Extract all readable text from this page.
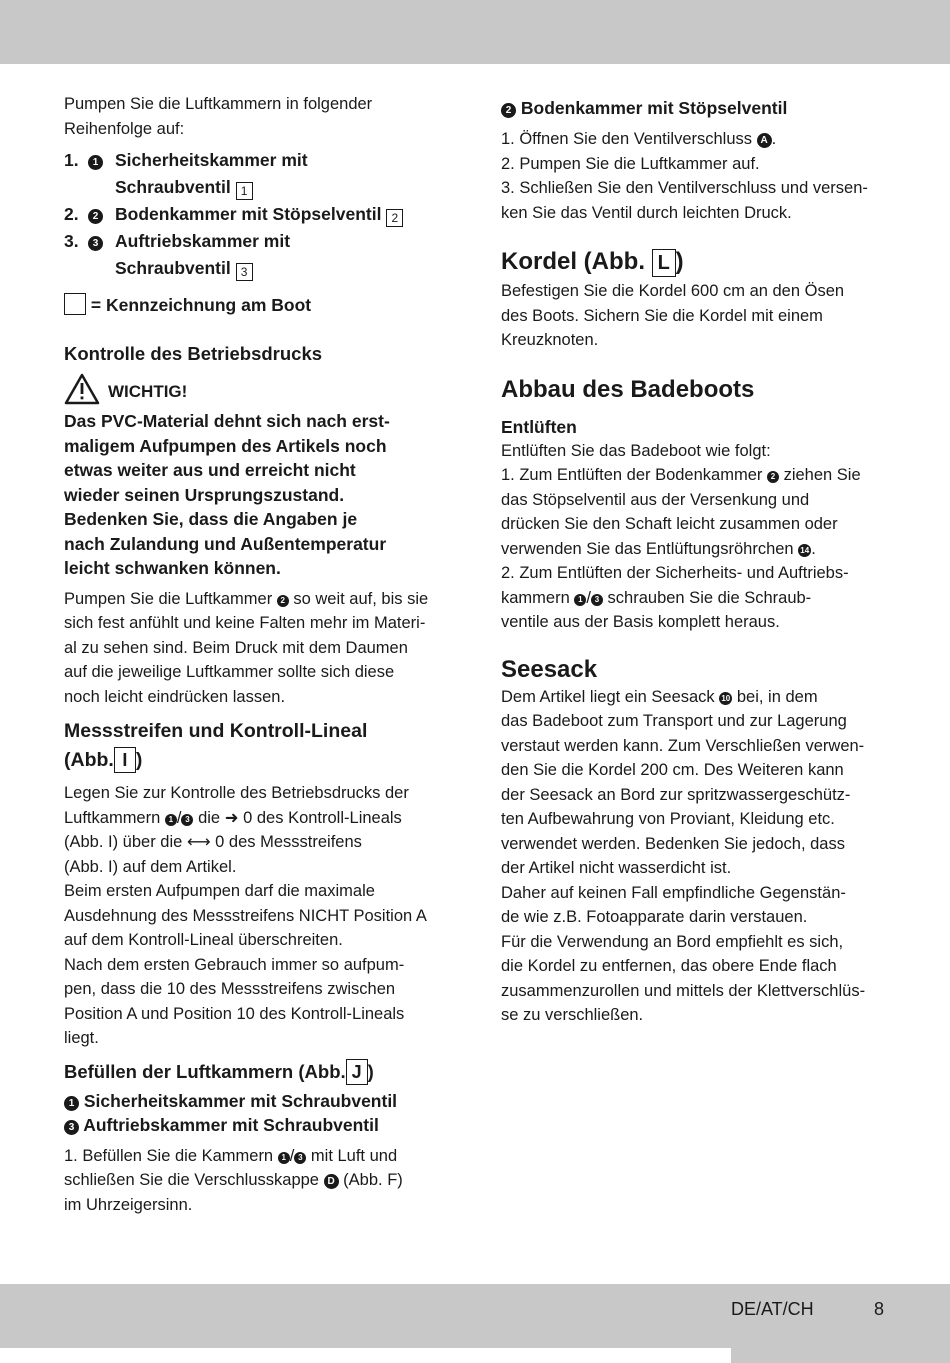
Pumpen Sie die Luftkammern in folgender

Reihenfolge auf:

1.	1 Sicherheitskammer mit
Schraubventil 1
2.	2 Bodenkammer mit Stöpselventil 2
3.	3 Auftriebskammer mit
Schraubventil 3
= Kennzeichnung am Boot
Kontrolle des Betriebsdrucks
WICHTIG!

Das PVC-Material dehnt sich nach erst-

maligem Aufpumpen des Artikels noch

etwas weiter aus und erreicht nicht

wieder seinen Ursprungszustand.

Bedenken Sie, dass die Angaben je

nach Zulandung und Außentemperatur

leicht schwanken können.

Pumpen Sie die Luftkammer 2 so weit auf, bis sie

sich fest anfühlt und keine Falten mehr im Materi-

al zu sehen sind. Beim Druck mit dem Daumen

auf die jeweilige Luftkammer sollte sich diese

noch leicht eindrücken lassen.

Messstreifen und Kontroll-Lineal
(Abb. I )

Legen Sie zur Kontrolle des Betriebsdrucks der

Luftkammern 1 / 3 die ➜ 0 des Kontroll-Lineals

(Abb. I) über die ⟷ 0 des Messstreifens

(Abb. I) auf dem Artikel.

Beim ersten Aufpumpen darf die maximale

Ausdehnung des Messstreifens NICHT Position A

auf dem Kontroll-Lineal überschreiten.

Nach dem ersten Gebrauch immer so aufpum-

pen, dass die 10 des Messstreifens zwischen

Position A und Position 10 des Kontroll-Lineals

liegt.

Befüllen der Luftkammern (Abb. J )

1 Sicherheitskammer mit Schraubventil

3 Auftriebskammer mit Schraubventil

1. Befüllen Sie die Kammern 1 / 3 mit Luft und

schließen Sie die Verschlusskappe D (Abb. F)

im Uhrzeigersinn.

2 Bodenkammer mit Stöpselventil

1. Öffnen Sie den Ventilverschluss A .

2. Pumpen Sie die Luftkammer auf.

3. Schließen Sie den Ventilverschluss und versen-

ken Sie das Ventil durch leichten Druck.

Kordel (Abb. L )

Befestigen Sie die Kordel 600 cm an den Ösen

des Boots. Sichern Sie die Kordel mit einem

Kreuzknoten.

Abbau des Badeboots
Entlüften

Entlüften Sie das Badeboot wie folgt:

1. Zum Entlüften der Bodenkammer 2 ziehen Sie

das Stöpselventil aus der Versenkung und

drücken Sie den Schaft leicht zusammen oder

verwenden Sie das Entlüftungsröhrchen 14 .

2. Zum Entlüften der Sicherheits- und Auftriebs-

kammern 1 / 3 schrauben Sie die Schraub-

ventile aus der Basis komplett heraus.

Seesack

Dem Artikel liegt ein Seesack 10 bei, in dem

das Badeboot zum Transport und zur Lagerung

verstaut werden kann. Zum Verschließen verwen-

den Sie die Kordel 200 cm. Des Weiteren kann

der Seesack an Bord zur spritzwassergeschütz-

ten Aufbewahrung von Proviant, Kleidung etc.

verwendet werden. Bedenken Sie jedoch, dass

der Artikel nicht wasserdicht ist.

Daher auf keinen Fall empfindliche Gegenstän-

de wie z.B. Fotoapparate darin verstauen.

Für die Verwendung an Bord empfiehlt es sich,

die Kordel zu entfernen, das obere Ende flach

zusammenzurollen und mittels der Klettverschlüs-

se zu verschließen.

DE/AT/CH	8
